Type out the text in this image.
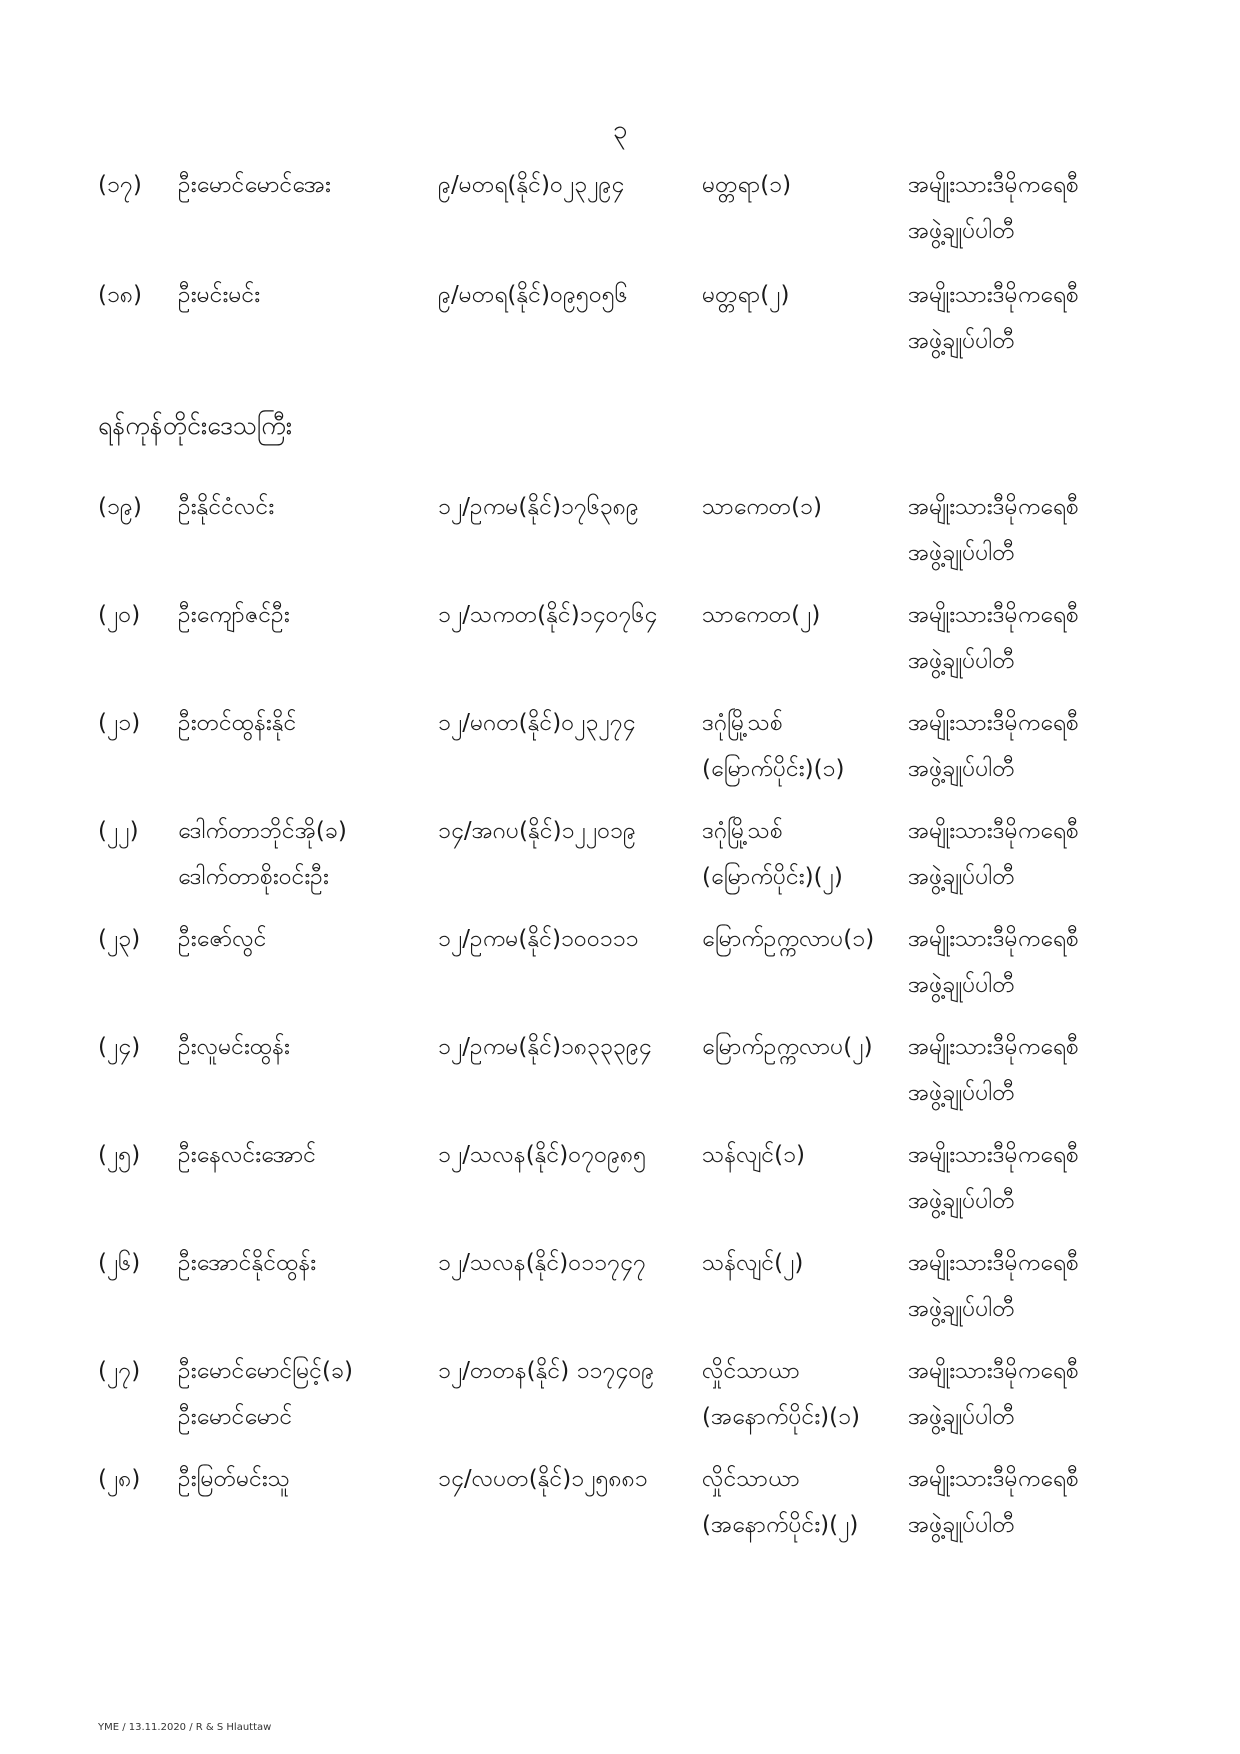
၃
(၁၇) ဦးမောင်မောင်အေး	၉/မတရ(နိုင်)၀၂၃၂၉၄	မတ္တရာ(၁)	အမျိုးသားဒီမိုကရေစီ
အဖွဲ့ချုပ်ပါတီ
(၁၈) ဦးမင်းမင်း	၉/မတရ(နိုင်)၀၉၅၀၅၆	မတ္တရာ(၂)	အမျိုးသားဒီမိုကရေစီ
အဖွဲ့ချုပ်ပါတီ
ရန်ကုန်တိုင်းဒေသကြီး
(၁၉) ဦးနိုင်ငံလင်း	၁၂/ဥကမ(နိုင်)၁၇၆၃၈၉	သာကေတ(၁)	အမျိုးသားဒီမိုကရေစီ
အဖွဲ့ချုပ်ပါတီ
(၂၀) ဦးကျော်ဇင်ဦး	၁၂/သကတ(နိုင်)၁၄၀၇၆၄ သာကေတ(၂)	အမျိုးသားဒီမိုကရေစီ
အဖွဲ့ချုပ်ပါတီ
(၂၁) ဦးတင်ထွန်းနိုင်	၁၂/မဂတ(နိုင်)၀၂၃၂၇၄	ဒဂုံမြို့သစ်
(မြောက်ပိုင်း)(၁)
အမျိုးသားဒီမိုကရေစီ
အဖွဲ့ချုပ်ပါတီ
(၂၂) ဒေါက်တာဘိုင်အို(ခ)
ဒေါက်တာစိုးဝင်းဦး
၁၄/အဂပ(နိုင်)၁၂၂၀၁၉	ဒဂုံမြို့သစ်
(မြောက်ပိုင်း)(၂)
အမျိုးသားဒီမိုကရေစီ
အဖွဲ့ချုပ်ပါတီ
(၂၃) ဦးဇော်လွင်	၁၂/ဥကမ(နိုင်)၁၀၀၁၁၁	မြောက်ဥက္ကလာပ(၁) အမျိုးသားဒီမိုကရေစီ
အဖွဲ့ချုပ်ပါတီ
(၂၄) ဦးလူမင်းထွန်း	၁၂/ဥကမ(နိုင်)၁၈၃၃၃၉၄ မြောက်ဥက္ကလာပ(၂) အမျိုးသားဒီမိုကရေစီ
အဖွဲ့ချုပ်ပါတီ
(၂၅) ဦးနေလင်းအောင်	၁၂/သလန(နိုင်)၀၇၀၉၈၅ သန်လျင်(၁)	အမျိုးသားဒီမိုကရေစီ
အဖွဲ့ချုပ်ပါတီ
(၂၆) ဦးအောင်နိုင်ထွန်း	၁၂/သလန(နိုင်)၀၁၁၇၄၇ သန်လျင်(၂)	အမျိုးသားဒီမိုကရေစီ
အဖွဲ့ချုပ်ပါတီ
(၂၇) ဦးမောင်မောင်မြင့်(ခ)
ဦးမောင်မောင်
၁၂/တတန(နိုင်) ၁၁၇၄၀၉ လှိုင်သာယာ
(အနောက်ပိုင်း)(၁)
အမျိုးသားဒီမိုကရေစီ
အဖွဲ့ချုပ်ပါတီ
(၂၈) ဦးမြတ်မင်းသူ	၁၄/လပတ(နိုင်)၁၂၅၈၈၁ လှိုင်သာယာ
(အနောက်ပိုင်း)(၂)
အမျိုးသားဒီမိုကရေစီ
အဖွဲ့ချုပ်ပါတီ
YME / 13.11.2020 / R & S Hlauttaw
